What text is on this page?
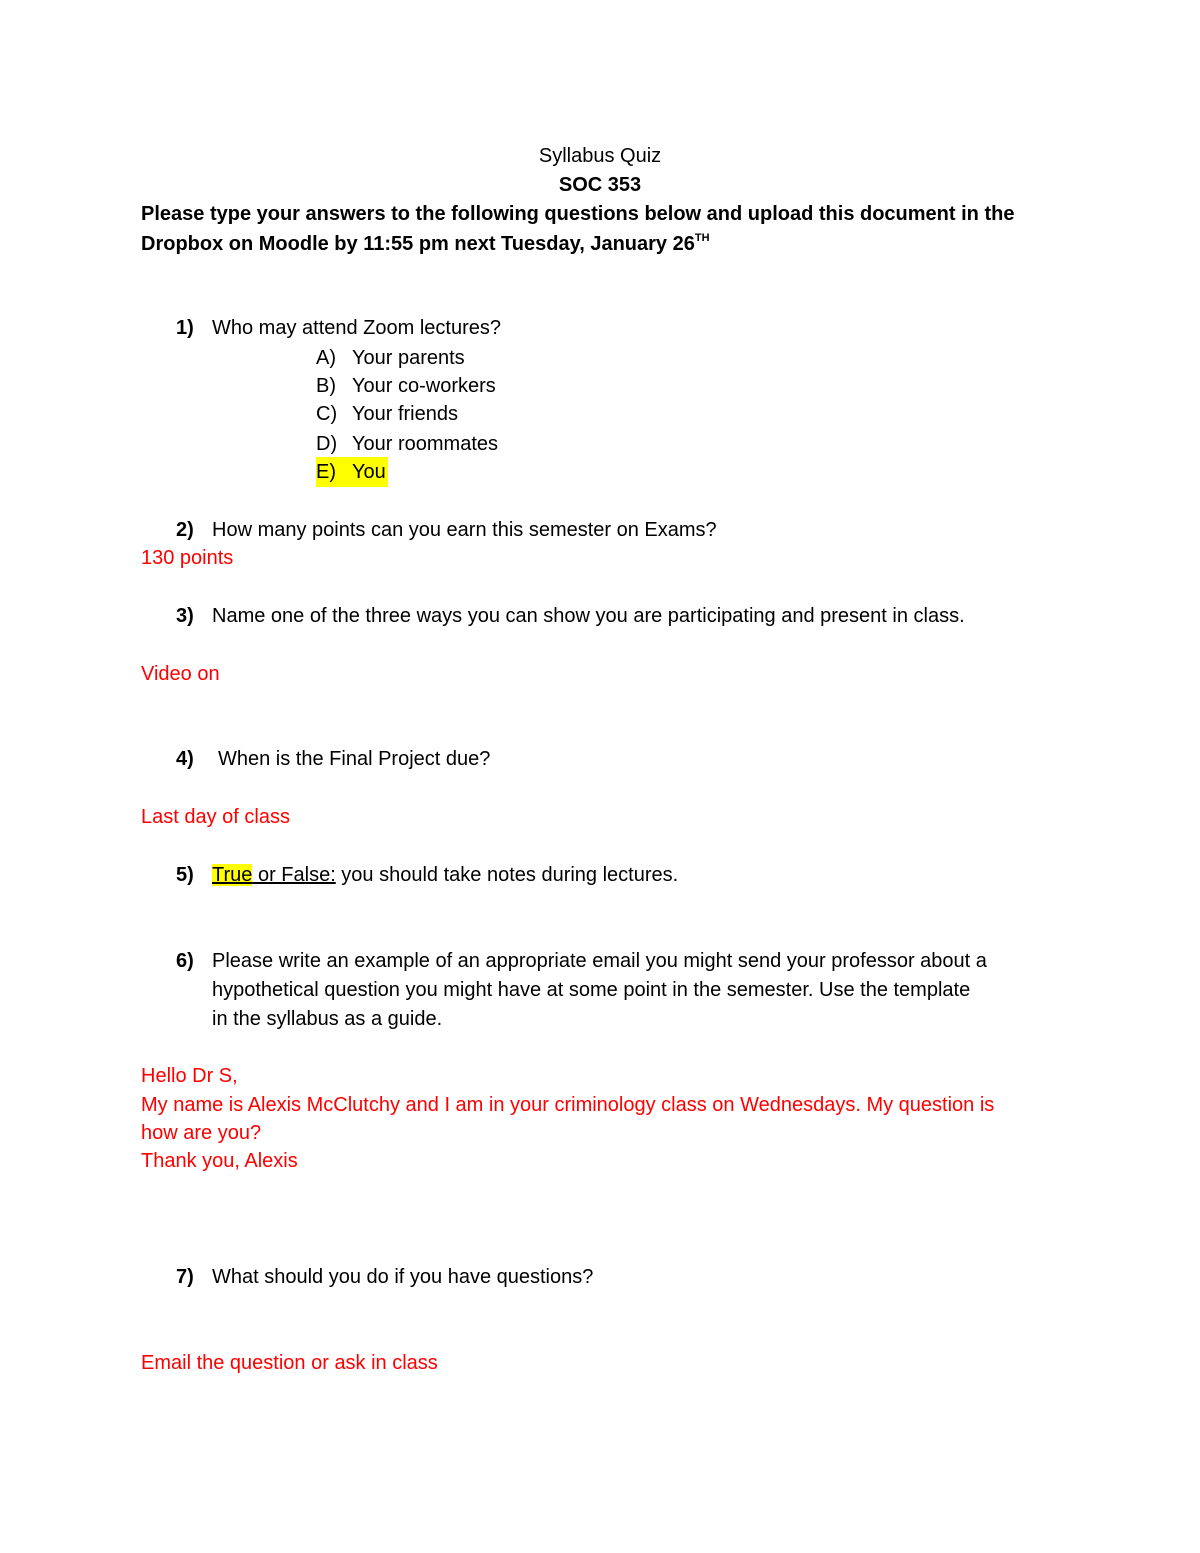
Syllabus Quiz
SOC 353
Please type your answers to the following questions below and upload this document in the
Dropbox on Moodle by 11:55 pm next Tuesday, January 26TH
1) Who may attend Zoom lectures?
A) Your parents
B) Your co-workers
C) Your friends
D) Your roommates
E) You
2) How many points can you earn this semester on Exams?
130 points
3) Name one of the three ways you can show you are participating and present in class.
Video on
4) When is the Final Project due?
Last day of class
5) True or False: you should take notes during lectures.
6) Please write an example of an appropriate email you might send your professor about a
hypothetical question you might have at some point in the semester. Use the template
in the syllabus as a guide.
Hello Dr S,
My name is Alexis McClutchy and I am in your criminology class on Wednesdays. My question is
how are you?
Thank you, Alexis
7) What should you do if you have questions?
Email the question or ask in class
